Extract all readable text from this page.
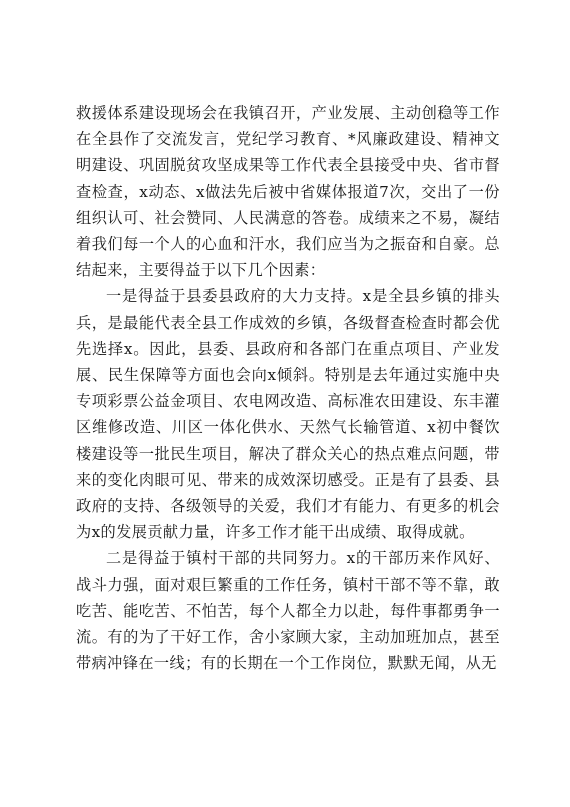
救援体系建设现场会在我镇召开，产业发展、主动创稳等工作在全县作了交流发言，党纪学习教育、*风廉政建设、精神文明建设、巩固脱贫攻坚成果等工作代表全县接受中央、省市督查检查，x动态、x做法先后被中省媒体报道7次，交出了一份组织认可、社会赞同、人民满意的答卷。成绩来之不易，凝结着我们每一个人的心血和汗水，我们应当为之振奋和自豪。总结起来，主要得益于以下几个因素：

一是得益于县委县政府的大力支持。x是全县乡镇的排头兵，是最能代表全县工作成效的乡镇，各级督查检查时都会优先选择x。因此，县委、县政府和各部门在重点项目、产业发展、民生保障等方面也会向x倾斜。特别是去年通过实施中央专项彩票公益金项目、农电网改造、高标准农田建设、东丰灌区维修改造、川区一体化供水、天然气长输管道、x初中餐饮楼建设等一批民生项目，解决了群众关心的热点难点问题，带来的变化肉眼可见、带来的成效深切感受。正是有了县委、县政府的支持、各级领导的关爱，我们才有能力、有更多的机会为x的发展贡献力量，许多工作才能干出成绩、取得成就。

二是得益于镇村干部的共同努力。x的干部历来作风好、战斗力强，面对艰巨繁重的工作任务，镇村干部不等不靠，敢吃苦、能吃苦、不怕苦，每个人都全力以赴，每件事都勇争一流。有的为了干好工作，舍小家顾大家，主动加班加点，甚至带病冲锋在一线；有的长期在一个工作岗位，默默无闻，从无
